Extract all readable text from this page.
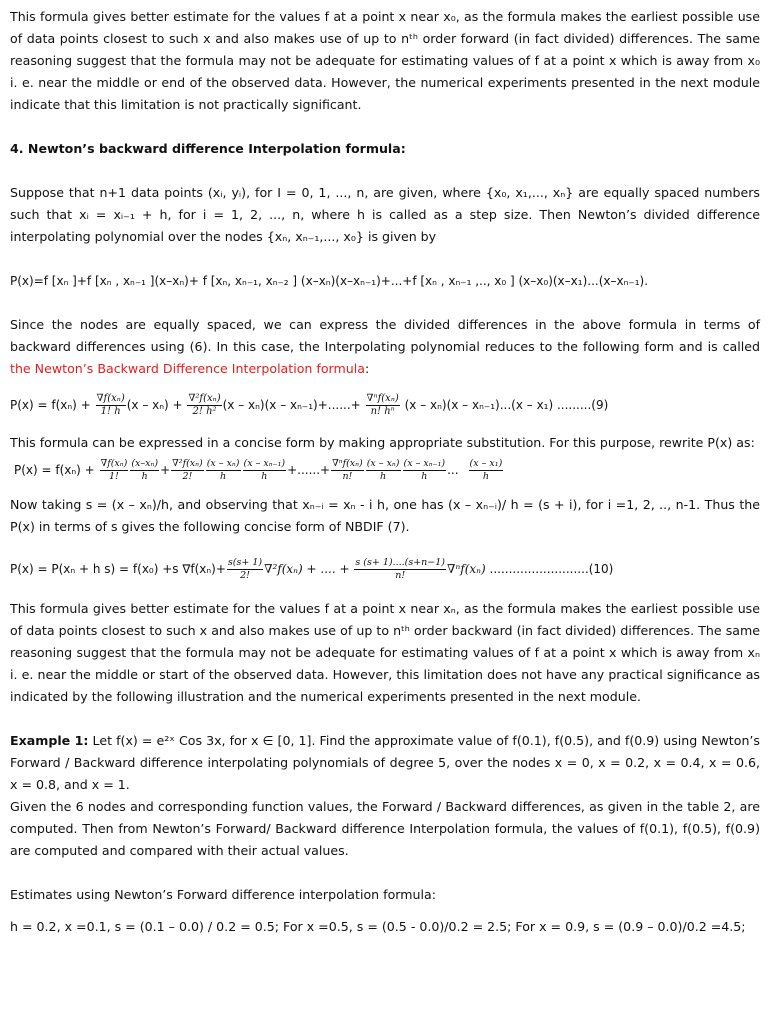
This formula gives better estimate for the values f at a point x near x₀, as the formula makes the earliest possible use of data points closest to such x and also makes use of up to nᵗʰ order forward (in fact divided) differences. The same reasoning suggest that the formula may not be adequate for estimating values of f at a point x which is away from x₀ i. e. near the middle or end of the observed data. However, the numerical experiments presented in the next module indicate that this limitation is not practically significant.

4. Newton’s backward difference Interpolation formula:

Suppose that n+1 data points (xᵢ, yᵢ), for I = 0, 1, ..., n, are given, where {x₀, x₁,..., xₙ} are equally spaced numbers such that xᵢ = xᵢ₋₁ + h, for i = 1, 2, ..., n, where h is called as a step size. Then Newton’s divided difference interpolating polynomial over the nodes {xₙ, xₙ₋₁,..., x₀} is given by

P(x)=f [xₙ ]+f [xₙ , xₙ₋₁ ](x–xₙ)+ f [xₙ, xₙ₋₁, xₙ₋₂ ] (x–xₙ)(x–xₙ₋₁)+...+f [xₙ , xₙ₋₁ ,.., x₀ ] (x–x₀)(x–x₁)...(x–xₙ₋₁).

Since the nodes are equally spaced, we can express the divided differences in the above formula in terms of backward differences using (6). In this case, the Interpolating polynomial reduces to the following form and is called the Newton’s Backward Difference Interpolation formula:

$P(x) = f(x_n) + \frac{\text{∇f(xₙ)}}{1! h} (x - x_n) + \frac{\text{∇²f(xₙ)}}{\text{2! h²}} (x - x_n)(x - x_{n-1})+......+ \frac{\text{∇ⁿf(xₙ)}}{\text{n! hⁿ}} (x - x_n)(x - x_{n-1})...(x - x_1)$ .........(9)

This formula can be expressed in a concise form by making appropriate substitution. For this purpose, rewrite P(x) as:

$P(x) = f(x_n) + \frac{\text{∇f(xₙ)}}{1!} \frac{\text{(x–xₙ)}}{h} + \frac{\text{∇²f(xₙ)}}{2!} \frac{\text{(x – xₙ)}}{h} \frac{\text{(x – xₙ₋₁)}}{h}$ +......+ $\frac{\text{∇ⁿf(xₙ)}}{n!} \frac{\text{(x – xₙ)}}{h} \frac{\text{(x – xₙ₋₁)}}{h}$ ... $\frac{\text{(x – x₁)}}{h}$

Now taking s = (x – xₙ)/h, and observing that xₙ₋ᵢ = xₙ - i h, one has (x – xₙ₋ᵢ)/ h = (s + i), for i =1, 2, .., n-1. Thus the P(x) in terms of s gives the following concise form of NBDIF (7).

P(x) = P(xₙ + h s) = f(x₀) +s $\nabla f(x_n)+ \frac{s(s+ 1)}{2!} \nabla^2f(x_n)$ + .... + $\frac{s (s+ 1)....(s+n-1)}{n!} \nabla^nf(x_n)$ ..........................(10)

This formula gives better estimate for the values f at a point x near xₙ, as the formula makes the earliest possible use of data points closest to such x and also makes use of up to nᵗʰ order backward (in fact divided) differences. The same reasoning suggest that the formula may not be adequate for estimating values of f at a point x which is away from xₙ i. e. near the middle or start of the observed data. However, this limitation does not have any practical significance as indicated by the following illustration and the numerical experiments presented in the next module.

Example 1: Let f(x) = e²ˣ Cos 3x, for x ∈ [0, 1]. Find the approximate value of f(0.1), f(0.5), and f(0.9) using Newton’s Forward / Backward difference interpolating polynomials of degree 5, over the nodes x = 0, x = 0.2, x = 0.4, x = 0.6, x = 0.8, and x = 1.

Given the 6 nodes and corresponding function values, the Forward / Backward differences, as given in the table 2, are computed. Then from Newton’s Forward/ Backward difference Interpolation formula, the values of f(0.1), f(0.5), f(0.9) are computed and compared with their actual values.

Estimates using Newton’s Forward difference interpolation formula:

h = 0.2, x =0.1, s = (0.1 – 0.0) / 0.2 = 0.5; For x =0.5, s = (0.5 - 0.0)/0.2 = 2.5; For x = 0.9, s = (0.9 – 0.0)/0.2 =4.5;
